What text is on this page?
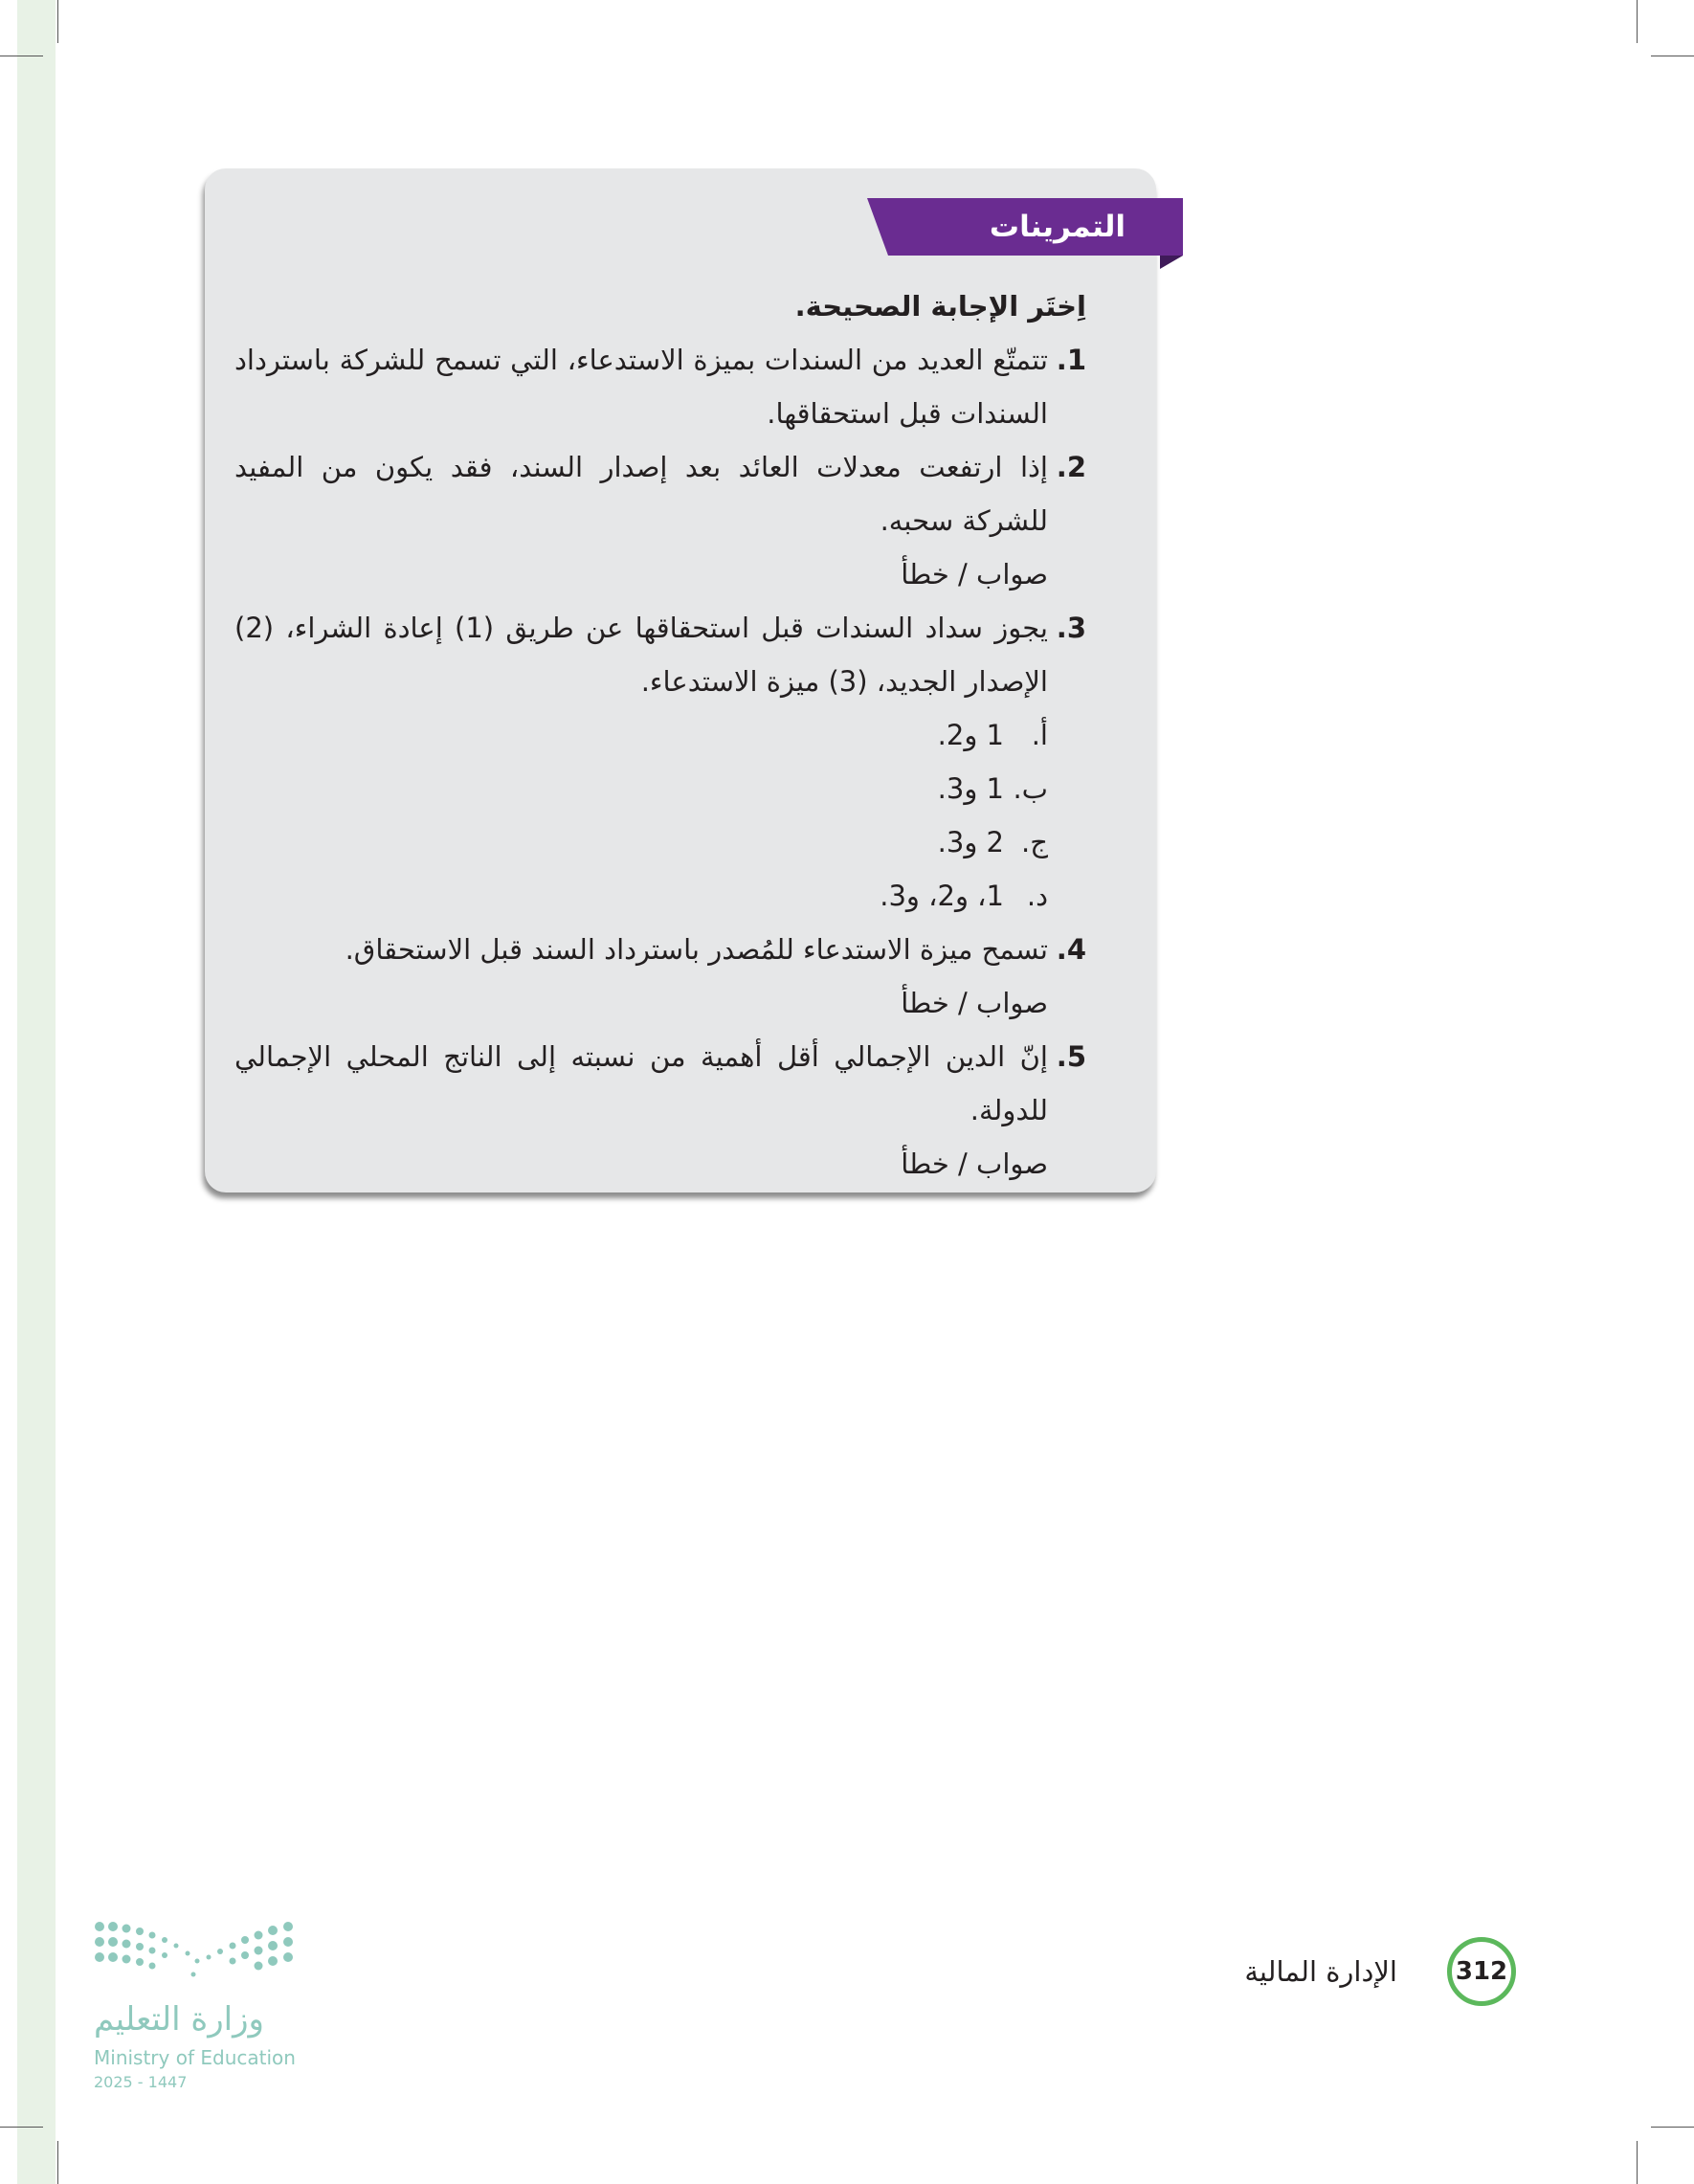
التمرينات
اِختَر الإجابة الصحيحة.
1.
تتمتّع العديد من السندات بميزة الاستدعاء، التي تسمح للشركة باسترداد السندات قبل استحقاقها.
2.
إذا ارتفعت معدلات العائد بعد إصدار السند، فقد يكون من المفيد للشركة سحبه.
صواب / خطأ
3.
يجوز سداد السندات قبل استحقاقها عن طريق (1) إعادة الشراء، (2) الإصدار الجديد، (3) ميزة الاستدعاء.
أ.1 و2.
ب.1 و3.
ج.2 و3.
د.1، و2، و3.
4.
تسمح ميزة الاستدعاء للمُصدر باسترداد السند قبل الاستحقاق.
صواب / خطأ
5.
إنّ الدين الإجمالي أقل أهمية من نسبته إلى الناتج المحلي الإجمالي للدولة.
صواب / خطأ
312
الإدارة المالية
وزارة التعليم
Ministry of Education
2025 - 1447
